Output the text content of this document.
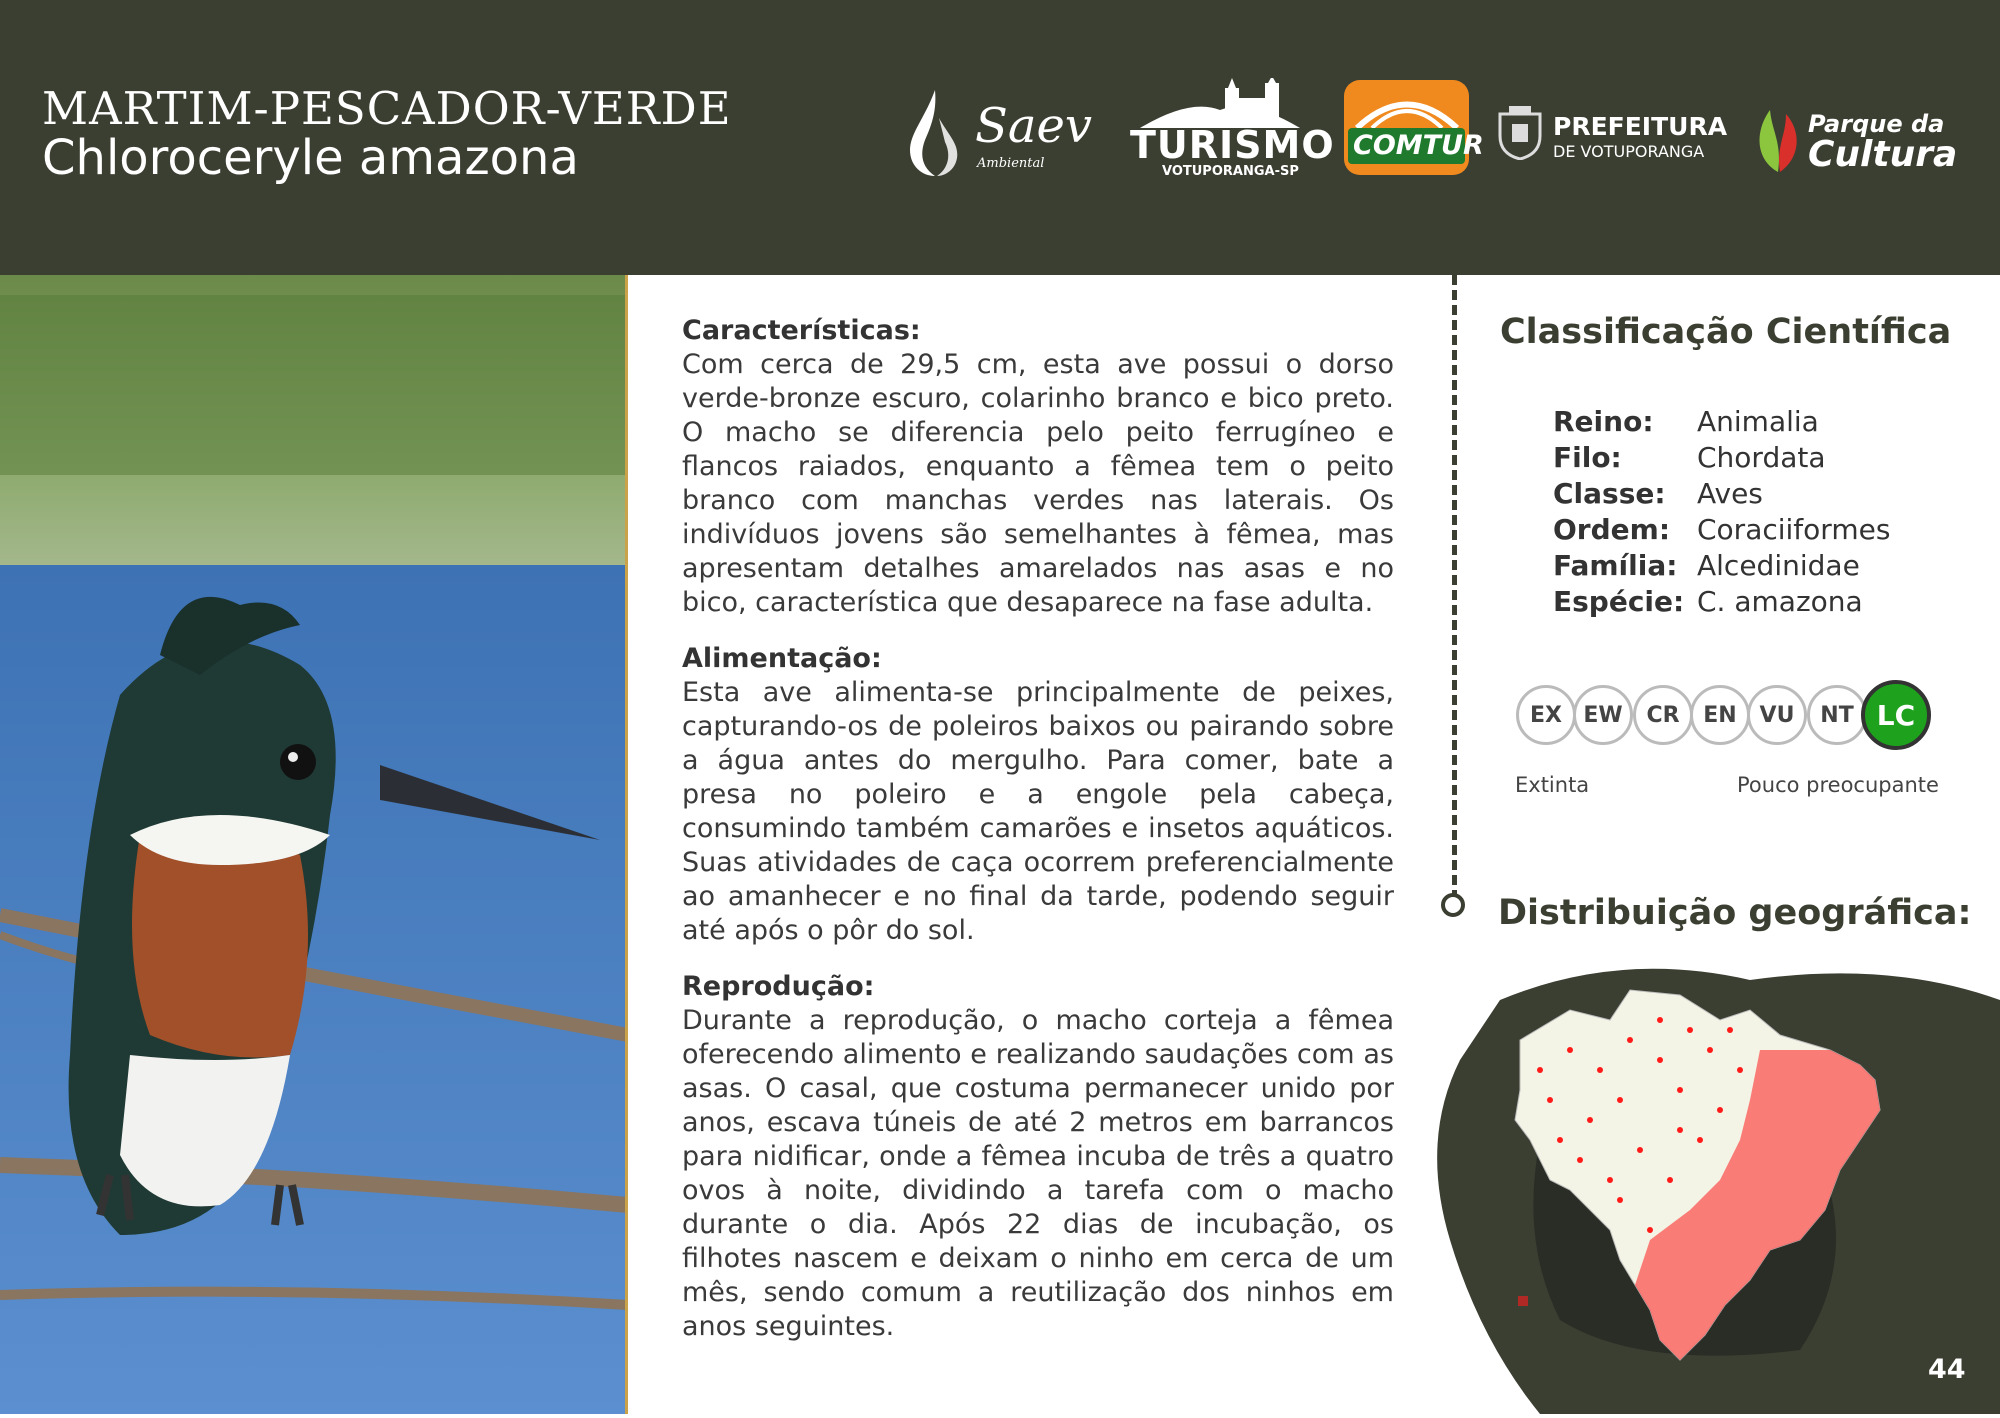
MARTIM-PESCADOR-VERDE
Chloroceryle amazona
Saev
Ambiental TURISMO
VOTUPORANGA-SP
COMTUR
PREFEITURA
DE VOTUPORANGA
Parque da
Cultura
Características:

Com cerca de 29,5 cm, esta ave possui o dorso verde-bronze escuro, colarinho branco e bico preto. O macho se diferencia pelo peito ferrugíneo e flancos raiados, enquanto a fêmea tem o peito branco com manchas verdes nas laterais. Os indivíduos jovens são semelhantes à fêmea, mas apresentam detalhes amarelados nas asas e no bico, característica que desaparece na fase adulta.

Alimentação:

Esta ave alimenta-se principalmente de peixes, capturando-os de poleiros baixos ou pairando sobre a água antes do mergulho. Para comer, bate a presa no poleiro e a engole pela cabeça, consumindo também camarões e insetos aquáticos. Suas atividades de caça ocorrem preferencialmente ao amanhecer e no final da tarde, podendo seguir até após o pôr do sol.

Reprodução:

Durante a reprodução, o macho corteja a fêmea oferecendo alimento e realizando saudações com as asas. O casal, que costuma permanecer unido por anos, escava túneis de até 2 metros em barrancos para nidificar, onde a fêmea incuba de três a quatro ovos à noite, dividindo a tarefa com o macho durante o dia. Após 22 dias de incubação, os filhotes nascem e deixam o ninho em cerca de um mês, sendo comum a reutilização dos ninhos em anos seguintes.

Classificação Científica
Reino: Animalia
Filo:	Chordata
Classe: Aves
Ordem: Coraciiformes
Família: Alcedinidae
Espécie: C. amazona
EX EW	CR	EN	VU	NT LC
Extinta	Pouco preocupante
Distribuição geográfica:
44
